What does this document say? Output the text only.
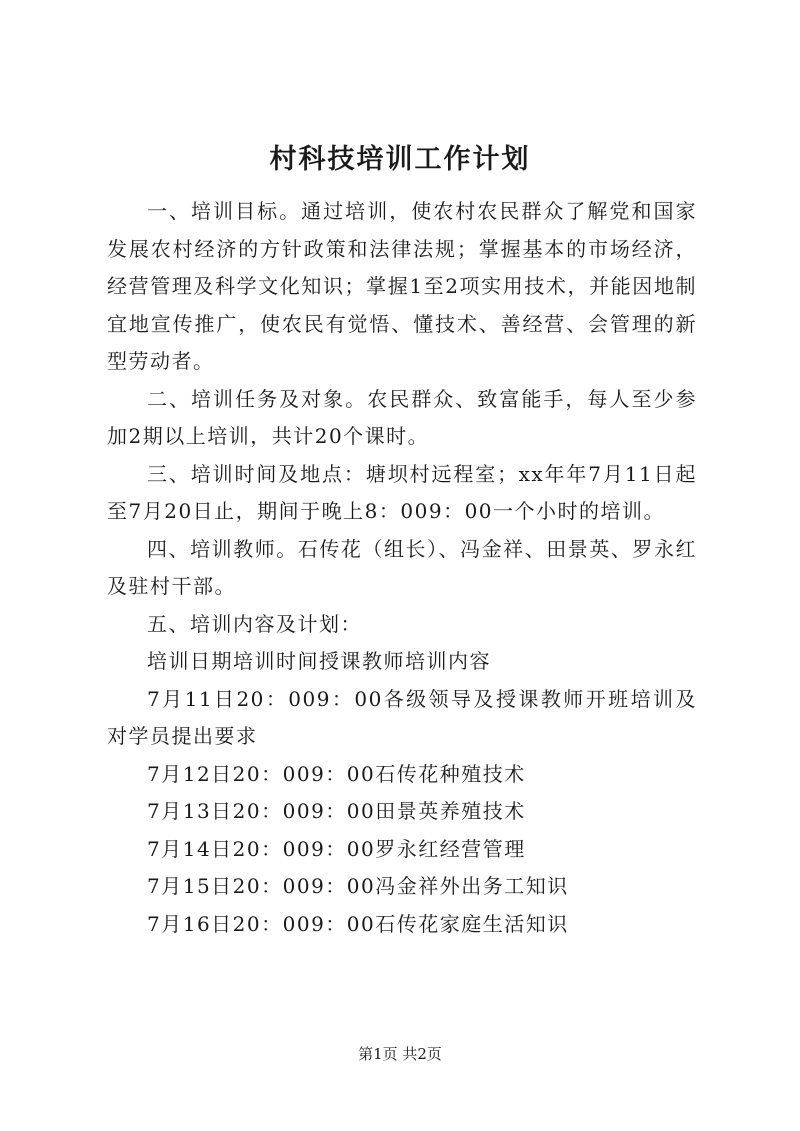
村科技培训工作计划

一、培训目标。通过培训，使农村农民群众了解党和国家发展农村经济的方针政策和法律法规；掌握基本的市场经济，经营管理及科学文化知识；掌握1至2项实用技术，并能因地制宜地宣传推广，使农民有觉悟、懂技术、善经营、会管理的新型劳动者。

二、培训任务及对象。农民群众、致富能手，每人至少参加2期以上培训，共计20个课时。

三、培训时间及地点：塘坝村远程室；xx年年7月11日起至7月20日止，期间于晚上8：009：00一个小时的培训。

四、培训教师。石传花（组长）、冯金祥、田景英、罗永红及驻村干部。

五、培训内容及计划：

培训日期培训时间授课教师培训内容

7月11日20：009：00各级领导及授课教师开班培训及对学员提出要求

7月12日20：009：00石传花种殖技术

7月13日20：009：00田景英养殖技术

7月14日20：009：00罗永红经营管理

7月15日20：009：00冯金祥外出务工知识

7月16日20：009：00石传花家庭生活知识

第1页 共2页
